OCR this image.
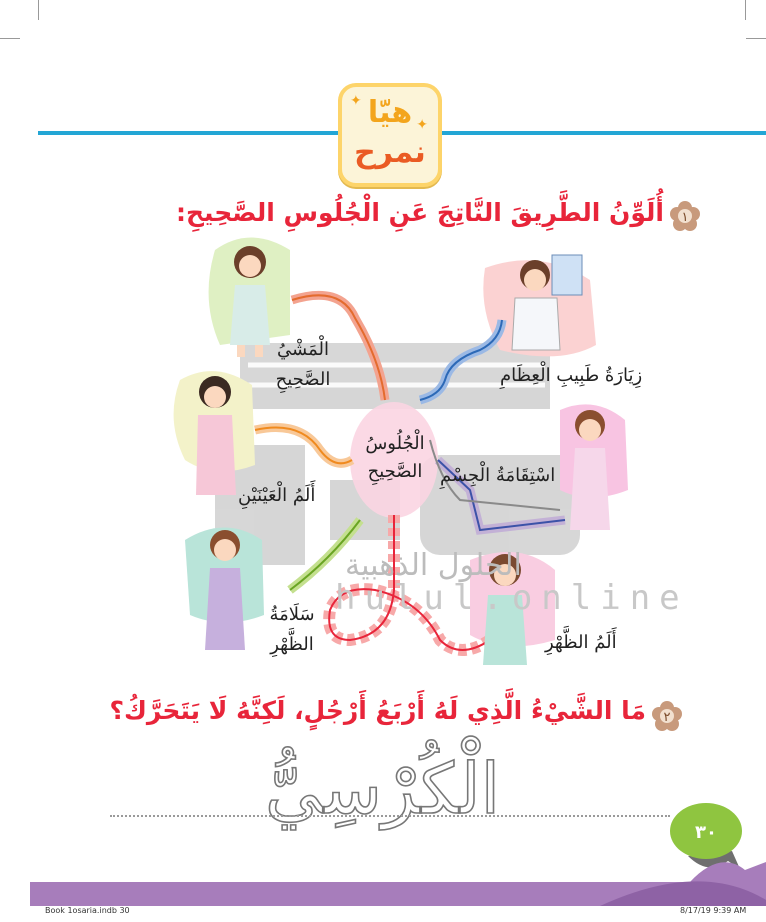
✦
✦
هيّا
نمرح
١
أُلَوِّنُ الطَّرِيقَ النَّاتِجَ عَنِ الْجُلُوسِ الصَّحِيحِ:
الْمَشْيُ الصَّحِيحِ	زِيَارَةُ طَبِيبِ الْعِظَامِ
الْجُلُوسُ الصَّحِيحِ
أَلَمُ الْعَيْنَيْنِ
اسْتِقَامَةُ الْجِسْمِ
سَلَامَةُ الظَّهْرِ	أَلَمُ الظَّهْرِ
الحلول الذهبية
hulul.online
٢
مَا الشَّيْءُ الَّذِي لَهُ أَرْبَعُ أَرْجُلٍ، لَكِنَّهُ لَا يَتَحَرَّكُ؟
الْكُرْسِيُّ
٣٠
Book 1osaria.indb 30	8/17/19 9:39 AM
